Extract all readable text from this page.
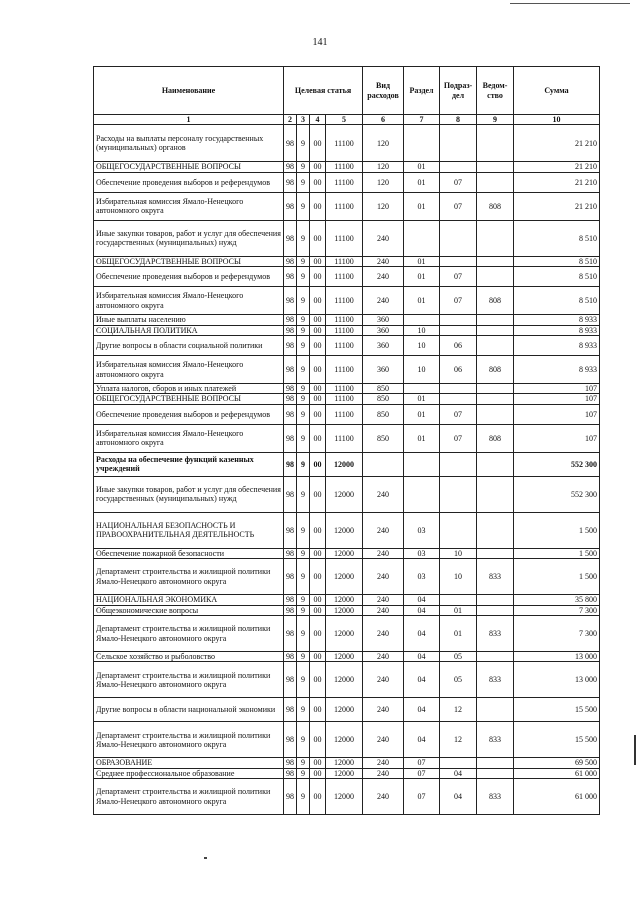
141
Наименование	Целевая статья				Вид расходов	Раздел	Подраз-дел	Ведом-ство	Сумма
1	2	3	4	5	6	7	8	9	10
Расходы на выплаты персоналу государственных (муниципальных) органов	98	9	00	11100	120				21 210
ОБЩЕГОСУДАРСТВЕННЫЕ ВОПРОСЫ	98	9	00	11100	120	01			21 210
Обеспечение проведения выборов и референдумов	98	9	00	11100	120	01	07		21 210
Избирательная комиссия Ямало-Ненецкого автономного округа	98	9	00	11100	120	01	07	808	21 210
Иные закупки товаров, работ и услуг для обеспечения государственных (муниципальных) нужд	98	9	00	11100	240				8 510
ОБЩЕГОСУДАРСТВЕННЫЕ ВОПРОСЫ	98	9	00	11100	240	01			8 510
Обеспечение проведения выборов и референдумов	98	9	00	11100	240	01	07		8 510
Избирательная комиссия Ямало-Ненецкого автономного округа	98	9	00	11100	240	01	07	808	8 510
Иные выплаты населению	98	9	00	11100	360				8 933
СОЦИАЛЬНАЯ ПОЛИТИКА	98	9	00	11100	360	10			8 933
Другие вопросы в области социальной политики	98	9	00	11100	360	10	06		8 933
Избирательная комиссия Ямало-Ненецкого автономного округа	98	9	00	11100	360	10	06	808	8 933
Уплата налогов, сборов и иных платежей	98	9	00	11100	850				107
ОБЩЕГОСУДАРСТВЕННЫЕ ВОПРОСЫ	98	9	00	11100	850	01			107
Обеспечение проведения выборов и референдумов	98	9	00	11100	850	01	07		107
Избирательная комиссия Ямало-Ненецкого автономного округа	98	9	00	11100	850	01	07	808	107
Расходы на обеспечение функций казенных учреждений	98	9	00	12000					552 300
Иные закупки товаров, работ и услуг для обеспечения государственных (муниципальных) нужд	98	9	00	12000	240				552 300
НАЦИОНАЛЬНАЯ БЕЗОПАСНОСТЬ И ПРАВООХРАНИТЕЛЬНАЯ ДЕЯТЕЛЬНОСТЬ	98	9	00	12000	240	03			1 500
Обеспечение пожарной безопасности	98	9	00	12000	240	03	10		1 500
Департамент строительства и жилищной политики Ямало-Ненецкого автономного округа	98	9	00	12000	240	03	10	833	1 500
НАЦИОНАЛЬНАЯ ЭКОНОМИКА	98	9	00	12000	240	04			35 800
Общеэкономические вопросы	98	9	00	12000	240	04	01		7 300
Департамент строительства и жилищной политики Ямало-Ненецкого автономного округа	98	9	00	12000	240	04	01	833	7 300
Сельское хозяйство и рыболовство	98	9	00	12000	240	04	05		13 000
Департамент строительства и жилищной политики Ямало-Ненецкого автономного округа	98	9	00	12000	240	04	05	833	13 000
Другие вопросы в области национальной экономики	98	9	00	12000	240	04	12		15 500
Департамент строительства и жилищной политики Ямало-Ненецкого автономного округа	98	9	00	12000	240	04	12	833	15 500
ОБРАЗОВАНИЕ	98	9	00	12000	240	07			69 500
Среднее профессиональное образование	98	9	00	12000	240	07	04		61 000
Департамент строительства и жилищной политики Ямало-Ненецкого автономного округа	98	9	00	12000	240	07	04	833	61 000
